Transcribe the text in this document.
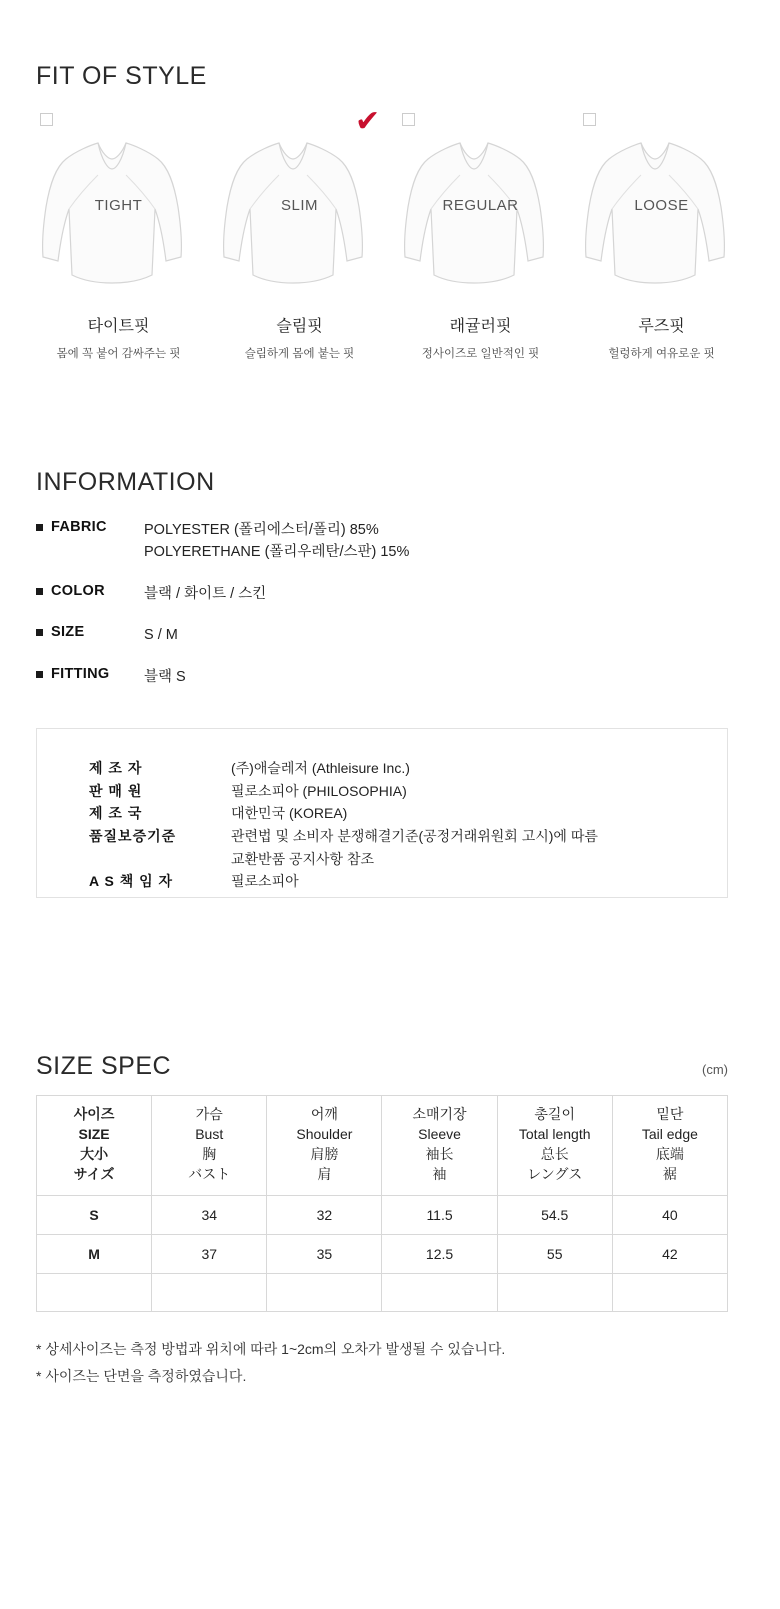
FIT OF STYLE
TIGHT
타이트핏
몸에 꼭 붙어 감싸주는 핏
✔
SLIM
슬림핏
슬림하게 몸에 붙는 핏
REGULAR
래귤러핏
정사이즈로 일반적인 핏
LOOSE
루즈핏
헐렁하게 여유로운 핏
INFORMATION
FABRIC	POLYESTER (폴리에스터/폴리) 85%
POLYERETHANE (폴리우레탄/스판) 15%
COLOR	블랙 / 화이트 / 스킨
SIZE	S / M
FITTING 블랙 S
제 조 자	(주)애슬레저 (Athleisure Inc.)
판 매 원	필로소피아 (PHILOSOPHIA)
제 조 국	대한민국 (KOREA)
품질보증기준	관련법 및 소비자 분쟁해결기준(공정거래위원회 고시)에 따름
교환반품 공지사항 참조
A S 책 임 자	필로소피아
SIZE SPEC	(cm)
사이즈
SIZE
大小
サイズ

가슴
Bust
胸
バスト

어깨
Shoulder
肩膀
肩

소매기장
Sleeve
袖长
袖

총길이
Total length
总长
レングス

밑단
Tail edge
底端
裾

S	34	32	11.5	54.5	40
M	37	35	12.5	55	42

* 상세사이즈는 측정 방법과 위치에 따라 1~2cm의 오차가 발생될 수 있습니다.
* 사이즈는 단면을 측정하였습니다.
